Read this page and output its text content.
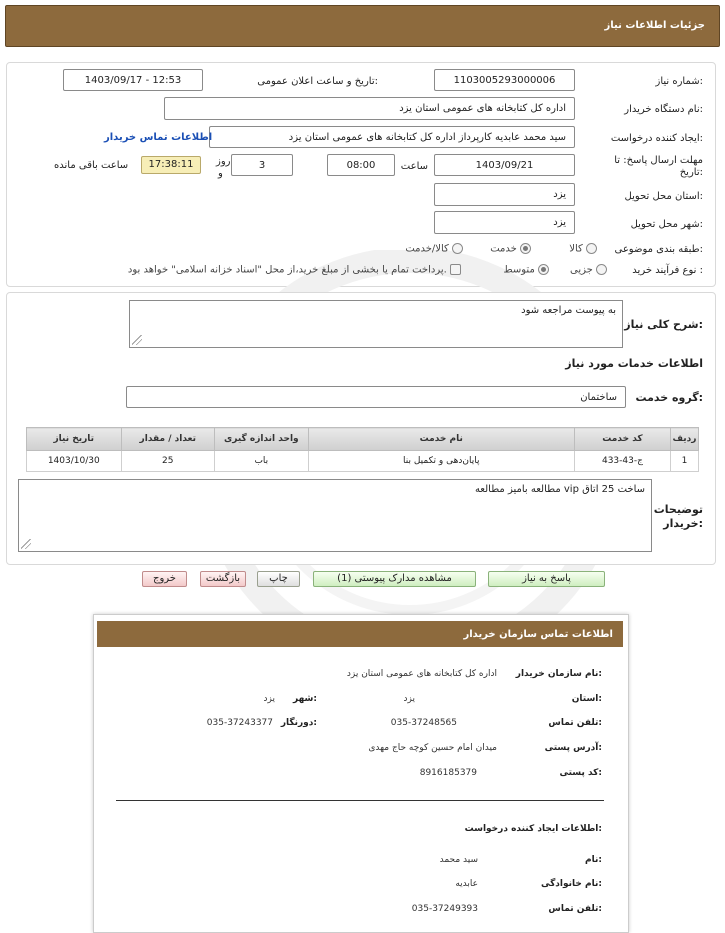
جزئیات اطلاعات نیاز
شماره نیاز:
1103005293000006
تاریخ و ساعت اعلان عمومی:
1403/09/17 - 12:53
نام دستگاه خریدار:
اداره کل کتابخانه های عمومی استان یزد
ایجاد کننده درخواست:
سید محمد عابدیه کارپرداز اداره کل کتابخانه های عمومی استان یزد
اطلاعات تماس خریدار
مهلت ارسال پاسخ: تا
تاریخ:
1403/09/21
ساعت
08:00
3
روز
و
17:38:11
ساعت باقی مانده
استان محل تحویل:
یزد
شهر محل تحویل:
یزد
طبقه بندی موضوعی:
کالا
خدمت
کالا/خدمت
نوع فرآیند خرید :
جزیی
متوسط
پرداخت تمام یا بخشی از مبلغ خرید،از محل "اسناد خزانه اسلامی" خواهد بود.
شرح کلی نیاز:
به پیوست مراجعه شود
اطلاعات خدمات مورد نیاز
گروه خدمت:
ساختمان
تاریخ نیاز	تعداد / مقدار	واحد اندازه گیری	نام خدمت	کد خدمت	ردیف
1403/10/30	25	باب	پایان‌دهی و تکمیل بنا	ج-43-433	1
توضیحات
خریدار:
ساخت 25 اتاق vip مطالعه بامیز مطالعه
پاسخ به نیاز
مشاهده مدارک پیوستی (1)
چاپ
بازگشت
خروج
اطلاعات تماس سازمان خریدار
نام سازمان خریدار:
اداره کل کتابخانه های عمومی استان یزد
استان:
یزد
شهر:
یزد
تلفن تماس:
035-37248565
دورنگار:
035-37243377
آدرس پستی:
میدان امام حسین کوچه حاج مهدی
کد پستی:
8916185379
اطلاعات ایجاد کننده درخواست:
نام:
سید محمد
نام خانوادگی:
عابدیه
تلفن تماس:
035-37249393
